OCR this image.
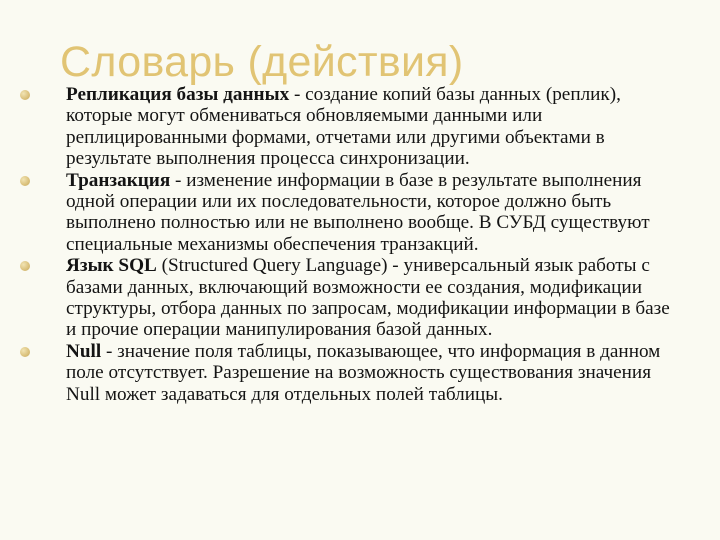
Словарь (действия)
Репликация базы данных - создание копий базы данных (реплик), которые могут обмениваться обновляемыми данными или реплицированными формами, отчетами или другими объектами в результате выполнения процесса синхронизации.
Транзакция - изменение информации в базе в результате выполнения одной операции или их последовательности, которое должно быть выполнено полностью или не выполнено вообще. В СУБД существуют специальные механизмы обеспечения транзакций.
Язык SQL (Structured Query Language) - универсальный язык работы с базами данных, включающий возможности ее создания, модификации структуры, отбора данных по запросам, модификации информации в базе и прочие операции манипулирования базой данных.
Null - значение поля таблицы, показывающее, что информация в данном поле отсутствует. Разрешение на возможность существования значения Null может задаваться для отдельных полей таблицы.
